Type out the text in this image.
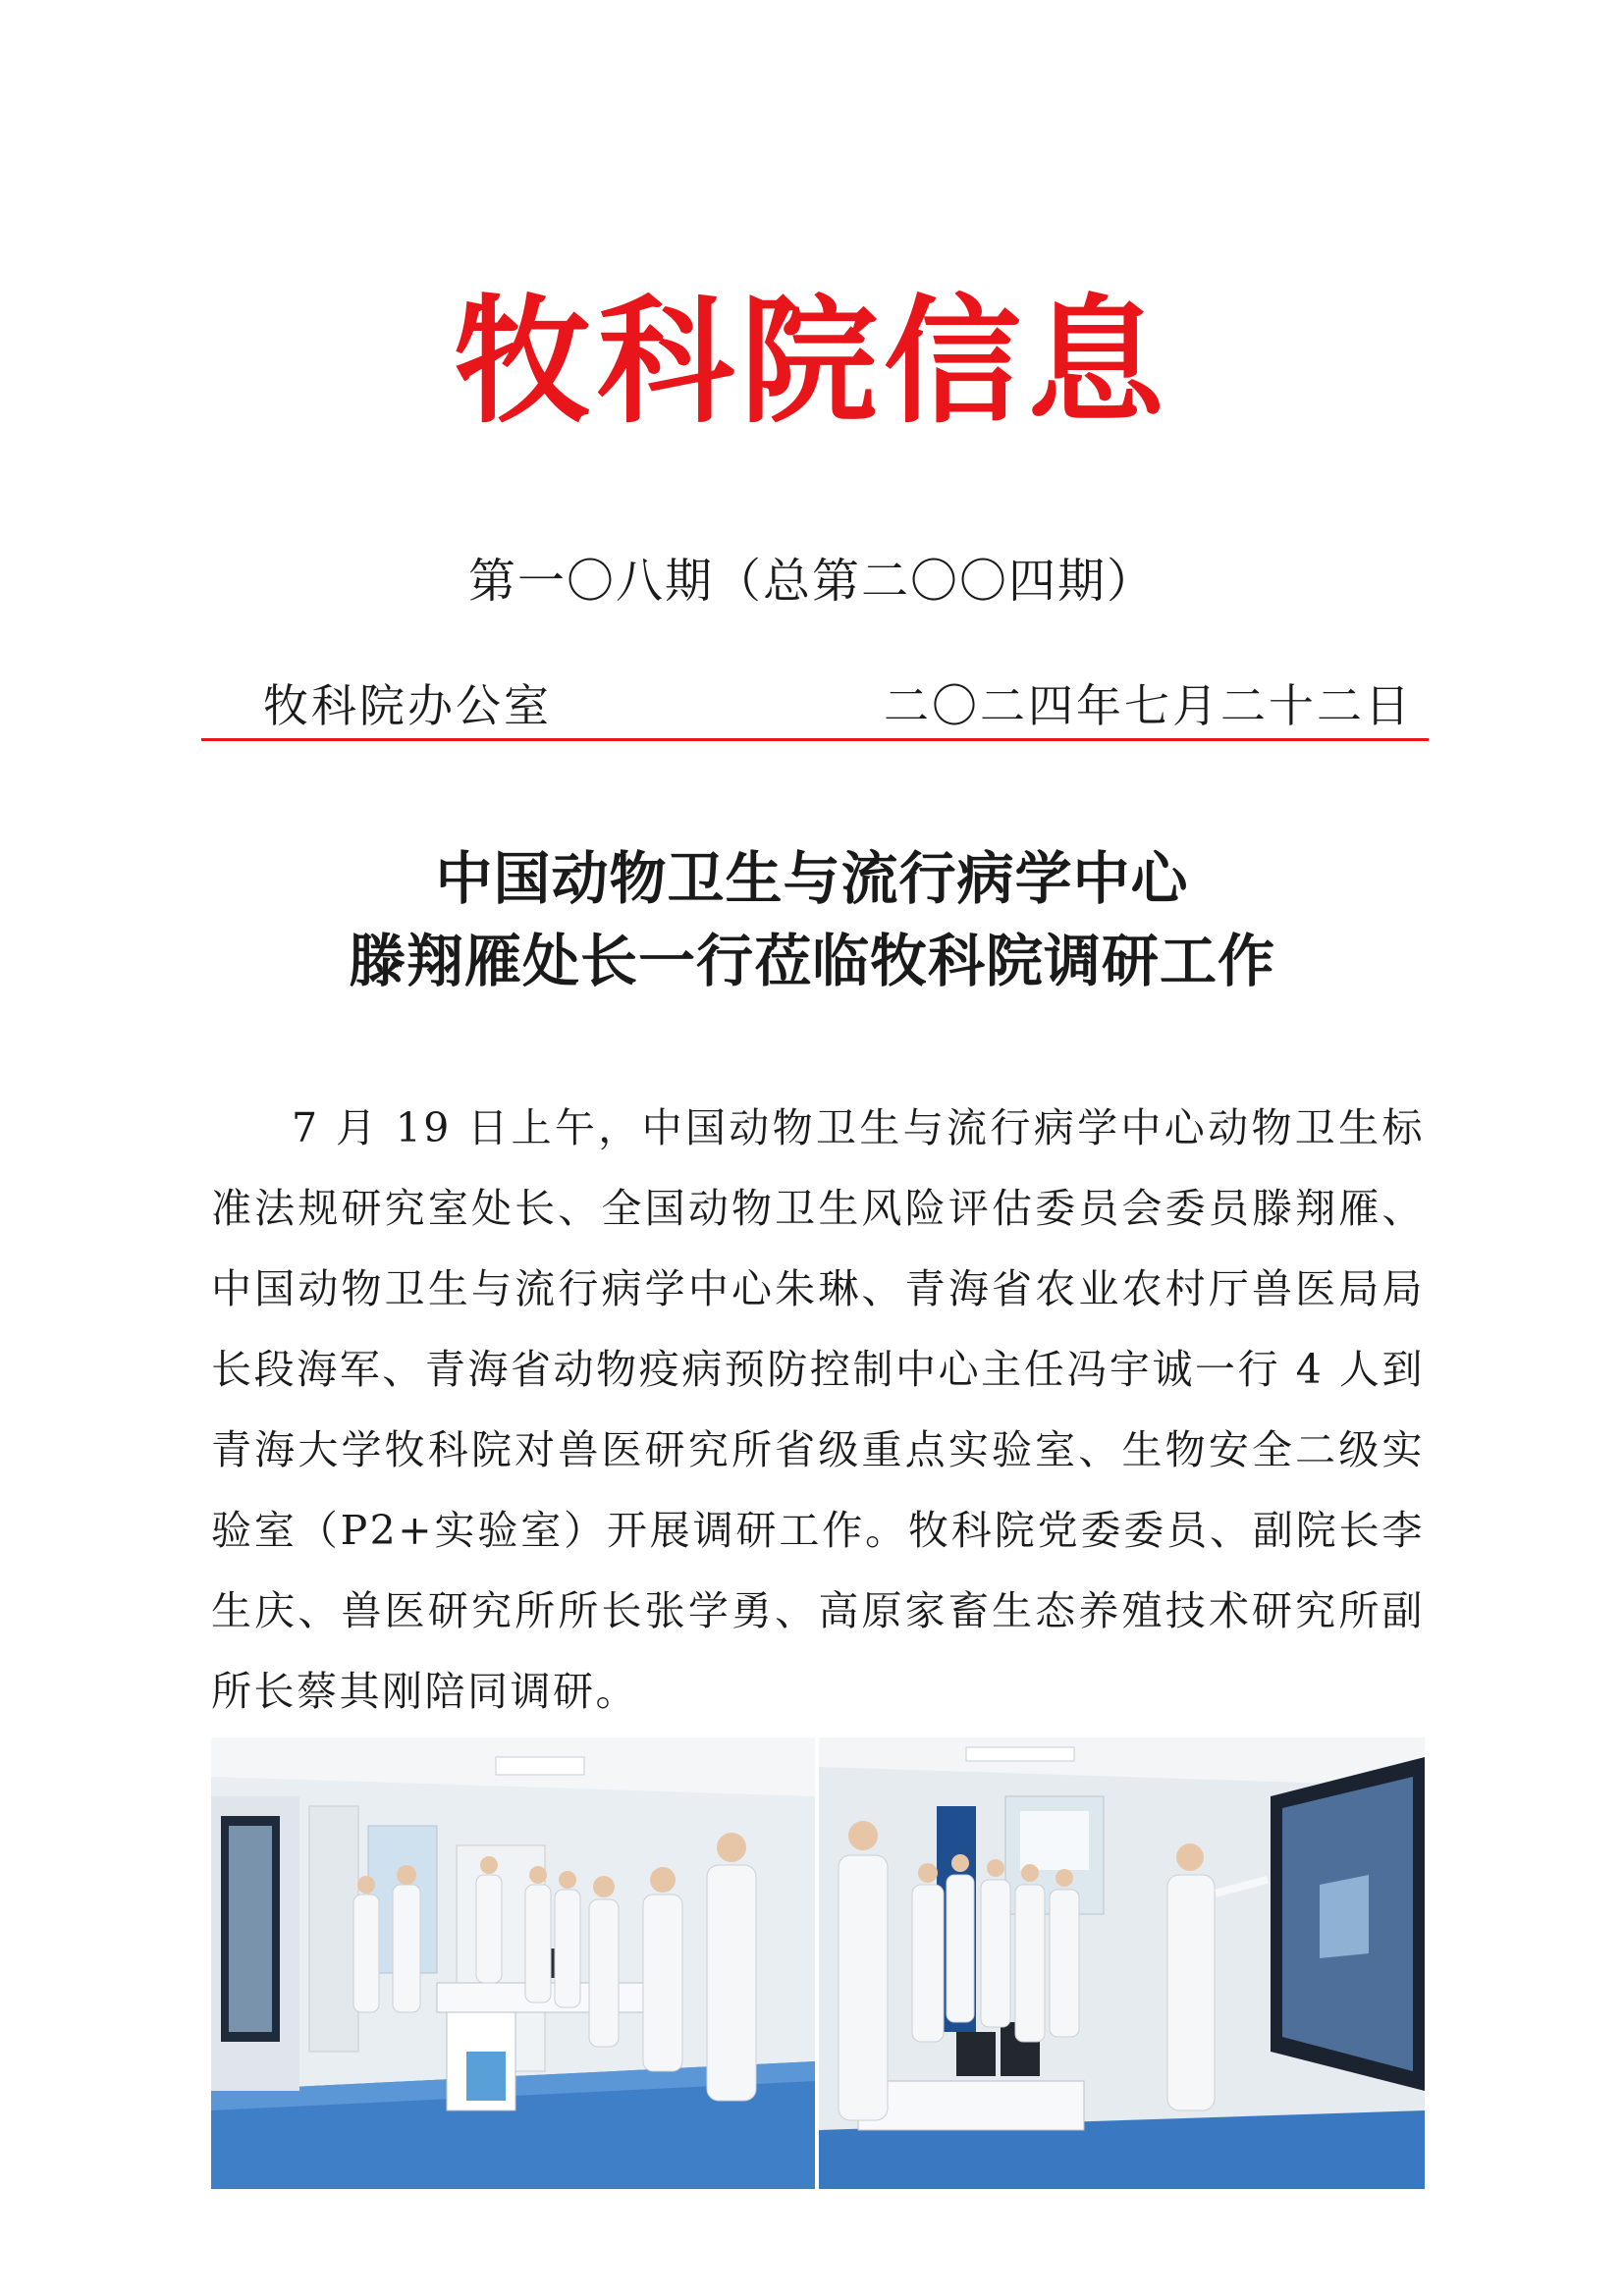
牧科院信息
第一〇八期（总第二〇〇四期）
牧科院办公室	二〇二四年七月二十二日
中国动物卫生与流行病学中心
滕翔雁处长一行莅临牧科院调研工作

7 月 19 日上午，中国动物卫生与流行病学中心动物卫生标准法规研究室处长、全国动物卫生风险评估委员会委员滕翔雁、中国动物卫生与流行病学中心朱琳、青海省农业农村厅兽医局局长段海军、青海省动物疫病预防控制中心主任冯宇诚一行 4 人到青海大学牧科院对兽医研究所省级重点实验室、生物安全二级实验室（P2+实验室）开展调研工作。牧科院党委委员、副院长李生庆、兽医研究所所长张学勇、高原家畜生态养殖技术研究所副所长蔡其刚陪同调研。
